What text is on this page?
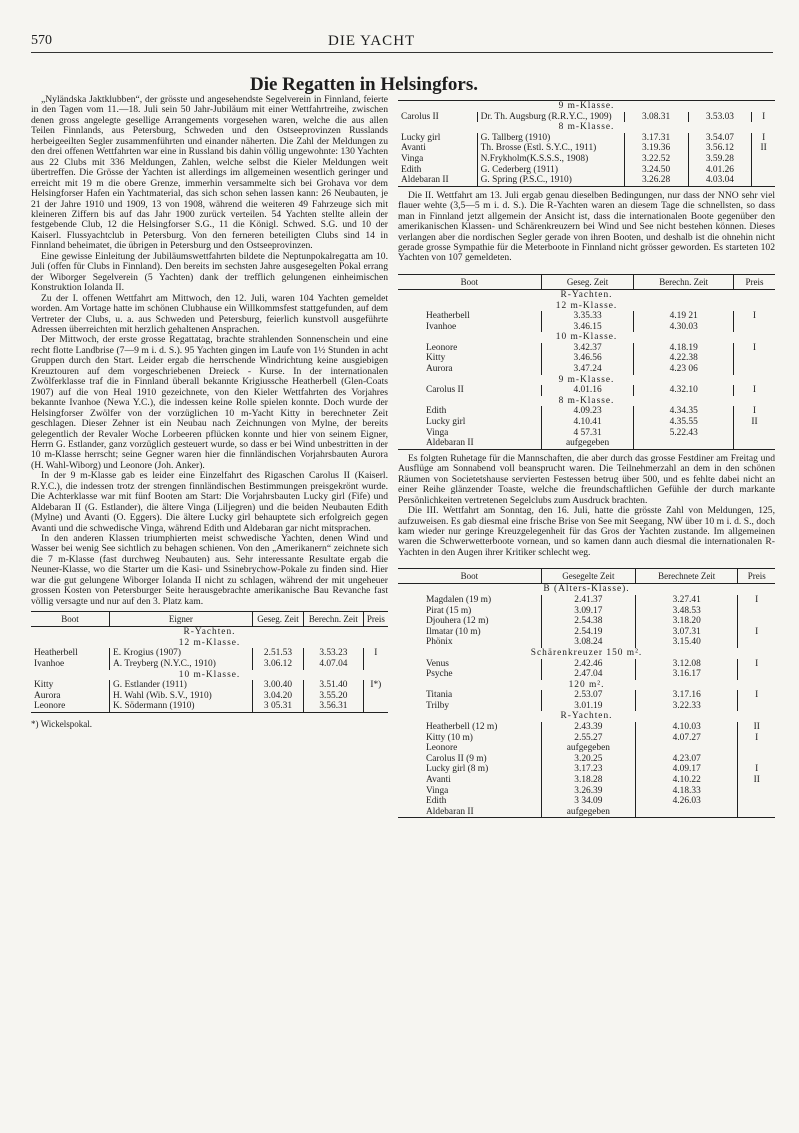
570	DIE YACHT
Die Regatten in Helsingfors.

„Nyländska Jaktklubben“, der grösste und angesehendste Segelverein in Finnland, feierte in den Tagen vom 11.—18. Juli sein 50 Jahr-Jubiläum mit einer Wettfahrtreihe, zwischen denen gross angelegte gesellige Arrangements vorgesehen waren, welche die aus allen Teilen Finnlands, aus Petersburg, Schweden und den Ostseeprovinzen Russlands herbeigeeilten Segler zusammenführten und einander näherten. Die Zahl der Meldungen zu den drei offenen Wettfahrten war eine in Russland bis dahin völlig ungewohnte: 130 Yachten aus 22 Clubs mit 336 Meldungen, Zahlen, welche selbst die Kieler Meldungen weit übertreffen. Die Grösse der Yachten ist allerdings im allgemeinen wesentlich geringer und erreicht mit 19 m die obere Grenze, immerhin versammelte sich bei Grohava vor dem Helsingforser Hafen ein Yachtmaterial, das sich schon sehen lassen kann: 26 Neubauten, je 21 der Jahre 1910 und 1909, 13 von 1908, während die weiteren 49 Fahrzeuge sich mit kleineren Ziffern bis auf das Jahr 1900 zurück verteilen. 54 Yachten stellte allein der festgebende Club, 12 die Helsingforser S.G., 11 die Königl. Schwed. S.G. und 10 der Kaiserl. Flussyachtclub in Petersburg. Von den ferneren beteiligten Clubs sind 14 in Finnland beheimatet, die übrigen in Petersburg und den Ostseeprovinzen.

Eine gewisse Einleitung der Jubiläumswettfahrten bildete die Neptunpokalregatta am 10. Juli (offen für Clubs in Finnland). Den bereits im sechsten Jahre ausgesegelten Pokal errang der Wiborger Segelverein (5 Yachten) dank der trefflich gelungenen einheimischen Konstruktion Iolanda II.

Zu der I. offenen Wettfahrt am Mittwoch, den 12. Juli, waren 104 Yachten gemeldet worden. Am Vortage hatte im schönen Clubhause ein Willkommsfest stattgefunden, auf dem Vertreter der Clubs, u. a. aus Schweden und Petersburg, feierlich kunstvoll ausgeführte Adressen überreichten mit herzlich gehaltenen Ansprachen.

Der Mittwoch, der erste grosse Regattatag, brachte strahlenden Sonnenschein und eine recht flotte Landbrise (7—9 m i. d. S.). 95 Yachten gingen im Laufe von 1½ Stunden in acht Gruppen durch den Start. Leider ergab die herrschende Windrichtung keine ausgiebigen Kreuztouren auf dem vorgeschriebenen Dreieck - Kurse. In der internationalen Zwölferklasse traf die in Finnland überall bekannte Krigiussche Heatherbell (Glen-Coats 1907) auf die von Heal 1910 gezeichnete, von den Kieler Wettfahrten des Vorjahres bekannte Ivanhoe (Newa Y.C.), die indessen keine Rolle spielen konnte. Doch wurde der Helsingforser Zwölfer von der vorzüglichen 10 m-Yacht Kitty in berechneter Zeit geschlagen. Dieser Zehner ist ein Neubau nach Zeichnungen von Mylne, der bereits gelegentlich der Revaler Woche Lorbeeren pflücken konnte und hier von seinem Eigner, Herrn G. Estlander, ganz vorzüglich gesteuert wurde, so dass er bei Wind unbestritten in der 10 m-Klasse herrscht; seine Gegner waren hier die finnländischen Vorjahrsbauten Aurora (H. Wahl-Wiborg) und Leonore (Joh. Anker).

In der 9 m-Klasse gab es leider eine Einzelfahrt des Rigaschen Carolus II (Kaiserl. R.Y.C.), die indessen trotz der strengen finnländischen Bestimmungen preisgekrönt wurde. Die Achterklasse war mit fünf Booten am Start: Die Vorjahrsbauten Lucky girl (Fife) und Aldebaran II (G. Estlander), die ältere Vinga (Liljegren) und die beiden Neubauten Edith (Mylne) und Avanti (O. Eggers). Die ältere Lucky girl behauptete sich erfolgreich gegen Avanti und die schwedische Vinga, während Edith und Aldebaran gar nicht mitsprachen.

In den anderen Klassen triumphierten meist schwedische Yachten, denen Wind und Wasser bei wenig See sichtlich zu behagen schienen. Von den „Amerikanern“ zeichnete sich die 7 m-Klasse (fast durchweg Neubauten) aus. Sehr interessante Resultate ergab die Neuner-Klasse, wo die Starter um die Kasi- und Ssinebrychow-Pokale zu finden sind. Hier war die gut gelungene Wiborger Iolanda II nicht zu schlagen, während der mit ungeheuer grossen Kosten von Petersburger Seite herausgebrachte amerikanische Bau Revanche fast völlig versagte und nur auf den 3. Platz kam.

Boot	Eigner	Geseg. Zeit	Berechn. Zeit	Preis
R-Yachten.				
12 m-Klasse.				
Heatherbell	E. Krogius (1907)	2.51.53	3.53.23	I
Ivanhoe	A. Treyberg (N.Y.C., 1910)	3.06.12	4.07.04	
10 m-Klasse.				
Kitty	G. Estlander (1911)	3.00.40	3.51.40	I*)
Aurora	H. Wahl (Wib. S.V., 1910)	3.04.20	3.55.20	
Leonore	K. Södermann (1910)	3 05.31	3.56.31	
*) Wickelspokal.
9 m-Klasse.				
Carolus II	Dr. Th. Augsburg (R.R.Y.C., 1909)	3.08.31	3.53.03	I
8 m-Klasse.				
Lucky girl	G. Tallberg (1910)	3.17.31	3.54.07	I
Avanti	Th. Brosse (Estl. S.Y.C., 1911)	3.19.36	3.56.12	II
Vinga	N.Frykholm(K.S.S.S., 1908)	3.22.52	3.59.28	
Edith	G. Cederberg (1911)	3.24.50	4.01.26	
Aldebaran II	G. Spring (P.S.C., 1910)	3.26.28	4.03.04	

Die II. Wettfahrt am 13. Juli ergab genau dieselben Bedingungen, nur dass der NNO sehr viel flauer wehte (3,5—5 m i. d. S.). Die R-Yachten waren an diesem Tage die schnellsten, so dass man in Finnland jetzt allgemein der Ansicht ist, dass die internationalen Boote gegenüber den amerikanischen Klassen- und Schärenkreuzern bei Wind und See nicht bestehen können. Dieses verlangen aber die nordischen Segler gerade von ihren Booten, und deshalb ist die ohnehin nicht gerade grosse Sympathie für die Meterboote in Finnland nicht grösser geworden. Es starteten 102 Yachten von 107 gemeldeten.

Boot	Geseg. Zeit	Berechn. Zeit	Preis
R-Yachten.			
12 m-Klasse.			
Heatherbell	3.35.33	4.19 21	I
Ivanhoe	3.46.15	4.30.03	
10 m-Klasse.			
Leonore	3.42.37	4.18.19	I
Kitty	3.46.56	4.22.38	
Aurora	3.47.24	4.23 06	
9 m-Klasse.			
Carolus II	4.01.16	4.32.10	I
8 m-Klasse.			
Edith	4.09.23	4.34.35	I
Lucky girl	4.10.41	4.35.55	II
Vinga	4 57.31	5.22.43	
Aldebaran II	aufgegeben		

Es folgten Ruhetage für die Mannschaften, die aber durch das grosse Festdiner am Freitag und Ausflüge am Sonnabend voll beansprucht waren. Die Teilnehmerzahl an dem in den schönen Räumen von Societetshause servierten Festessen betrug über 500, und es fehlte dabei nicht an einer Reihe glänzender Toaste, welche die freundschaftlichen Gefühle der durch markante Persönlichkeiten vertretenen Segelclubs zum Ausdruck brachten.

Die III. Wettfahrt am Sonntag, den 16. Juli, hatte die grösste Zahl von Meldungen, 125, aufzuweisen. Es gab diesmal eine frische Brise von See mit Seegang, NW über 10 m i. d. S., doch kam wieder nur geringe Kreuzgelegenheit für das Gros der Yachten zustande. Im allgemeinen waren die Schwerwetterboote vornean, und so kamen dann auch diesmal die internationalen R-Yachten in den Augen ihrer Kritiker schlecht weg.

Boot	Gesegelte Zeit	Berechnete Zeit	Preis
B (Alters-Klasse).			
Magdalen (19 m)	2.41.37	3.27.41	I
Pirat (15 m)	3.09.17	3.48.53	
Djouhera (12 m)	2.54.38	3.18.20	
Ilmatar (10 m)	2.54.19	3.07.31	I
Phönix	3.08.24	3.15.40	
Schärenkreuzer 150 m².			
Venus	2.42.46	3.12.08	I
Psyche	2.47.04	3.16.17	
120 m².			
Titania	2.53.07	3.17.16	I
Trilby	3.01.19	3.22.33	
R-Yachten.			
Heatherbell (12 m)	2.43.39	4.10.03	II
Kitty (10 m)	2.55.27	4.07.27	I
Leonore	aufgegeben		
Carolus II (9 m)	3.20.25	4.23.07	
Lucky girl (8 m)	3.17.23	4.09.17	I
Avanti	3.18.28	4.10.22	II
Vinga	3.26.39	4.18.33	
Edith	3 34.09	4.26.03	
Aldebaran II	aufgegeben		
